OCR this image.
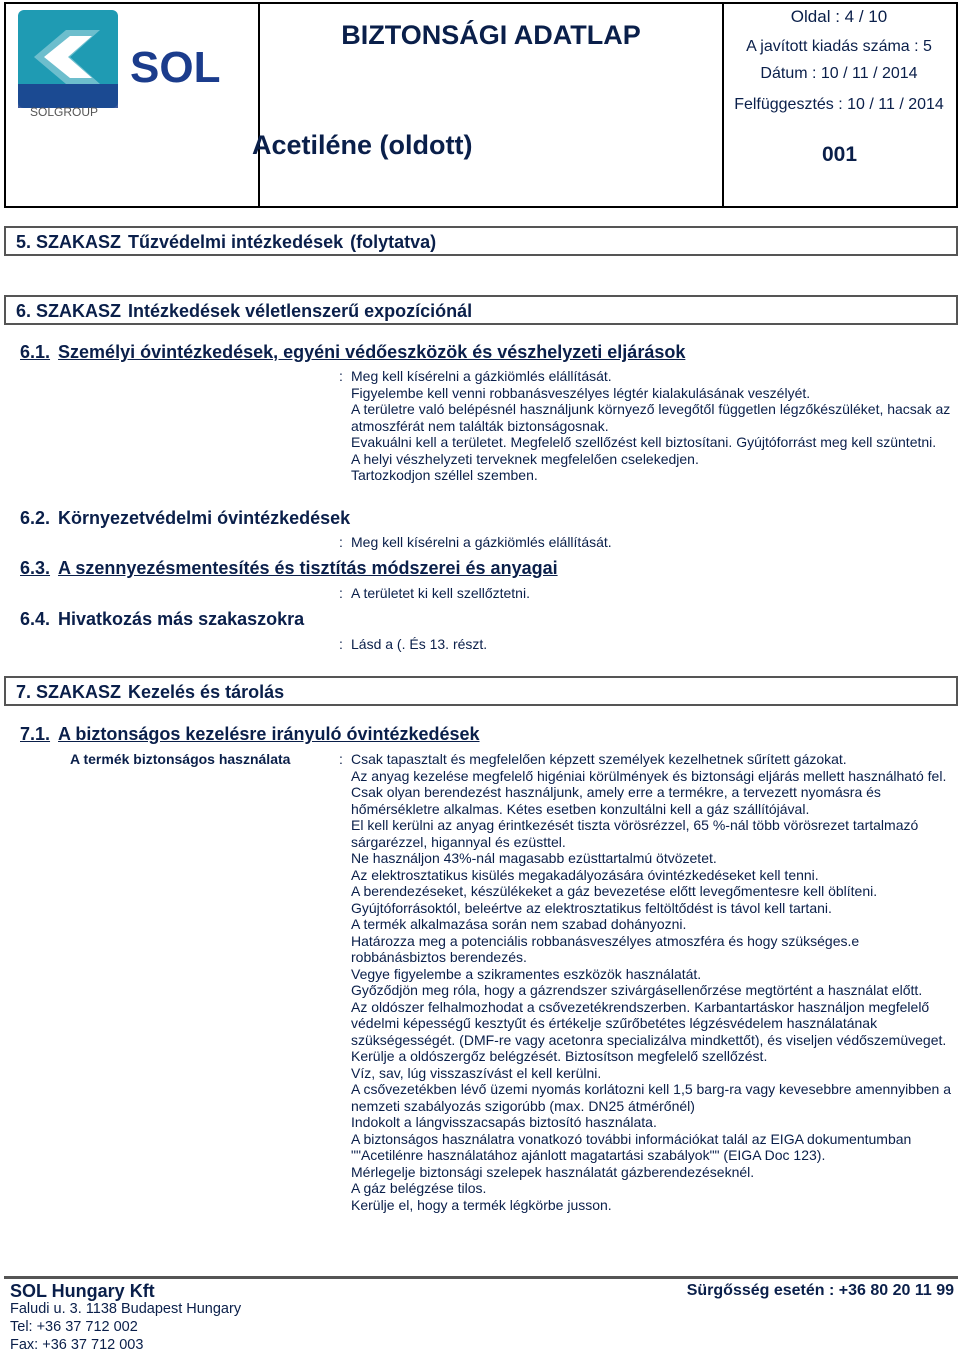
SOL
SOLGROUP
BIZTONSÁGI ADATLAP
Acetiléne (oldott)
Oldal : 4 / 10
A javított kiadás száma : 5
Dátum : 10 / 11 / 2014
Felfüggesztés : 10 / 11 / 2014
001
5. SZAKASZ Tűzvédelmi intézkedések (folytatva)
6. SZAKASZ Intézkedések véletlenszerű expozíciónál
6.1. Személyi óvintézkedések, egyéni védőeszközök és vészhelyzeti eljárások
: Meg kell kísérelni a gázkiömlés elállítását.

Figyelembe kell venni robbanásveszélyes légtér kialakulásának veszélyét.

A területre való belépésnél használjunk környező levegőtől független légzőkészüléket, hacsak az atmoszférát nem találták biztonságosnak.

Evakuálni kell a területet. Megfelelő szellőzést kell biztosítani. Gyújtóforrást meg kell szüntetni.

A helyi vészhelyzeti terveknek megfelelően cselekedjen.

Tartozkodjon széllel szemben.

6.2. Környezetvédelmi óvintézkedések
: Meg kell kísérelni a gázkiömlés elállítását.
6.3. A szennyezésmentesítés és tisztítás módszerei és anyagai
: A területet ki kell szellőztetni.
6.4. Hivatkozás más szakaszokra
: Lásd a (. És 13. részt.
7. SZAKASZ Kezelés és tárolás
7.1. A biztonságos kezelésre irányuló óvintézkedések
A termék biztonságos használata	: Csak tapasztalt és megfelelően képzett személyek kezelhetnek sűrített gázokat.

Az anyag kezelése megfelelő higéniai körülmények és biztonsági eljárás mellett használható fel.

Csak olyan berendezést használjunk, amely erre a termékre, a tervezett nyomásra és hőmérsékletre alkalmas. Kétes esetben konzultálni kell a gáz szállítójával.

El kell kerülni az anyag érintkezését tiszta vörösrézzel, 65 %-nál több vörösrezet tartalmazó sárgarézzel, higannyal és ezüsttel.

Ne használjon 43%-nál magasabb ezüsttartalmú ötvözetet.

Az elektrosztatikus kisülés megakadályozására óvintézkedéseket kell tenni.

A berendezéseket, készülékeket a gáz bevezetése előtt levegőmentesre kell öblíteni.

Gyújtóforrásoktól, beleértve az elektrosztatikus feltöltődést is távol kell tartani.

A termék alkalmazása során nem szabad dohányozni.

Határozza meg a potenciális robbanásveszélyes atmoszféra és hogy szükséges.e robbánásbiztos berendezés.

Vegye figyelembe a szikramentes eszközök használatát.

Győződjön meg róla, hogy a gázrendszer szivárgásellenőrzése megtörtént a használat előtt.

Az oldószer felhalmozhodat a csővezetékrendszerben. Karbantartáskor használjon megfelelő védelmi képességű kesztyűt és értékelje szűrőbetétes légzésvédelem használatának szükségességét. (DMF-re vagy acetonra specializálva mindkettőt), és viseljen védőszemüveget. Kerülje a oldószergőz belégzését. Biztosítson megfelelő szellőzést.

Víz, sav, lúg visszaszívást el kell kerülni.

A csővezetékben lévő üzemi nyomás korlátozni kell 1,5 barg-ra vagy kevesebbre amennyibben a nemzeti szabályozás szigorúbb (max. DN25 átmérőnél)

Indokolt a lángvisszacsapás biztosító használata.

A biztonságos használatra vonatkozó további információkat talál az EIGA dokumentumban ""Acetilénre használatához ajánlott magatartási szabályok"" (EIGA Doc 123).

Mérlegelje biztonsági szelepek használatát gázberendezéseknél.

A gáz belégzése tilos.

Kerülje el, hogy a termék légkörbe jusson.

SOL Hungary Kft
Faludi u. 3. 1138 Budapest Hungary
Tel: +36 37 712 002
Fax: +36 37 712 003
Sürgősség esetén : +36 80 20 11 99
